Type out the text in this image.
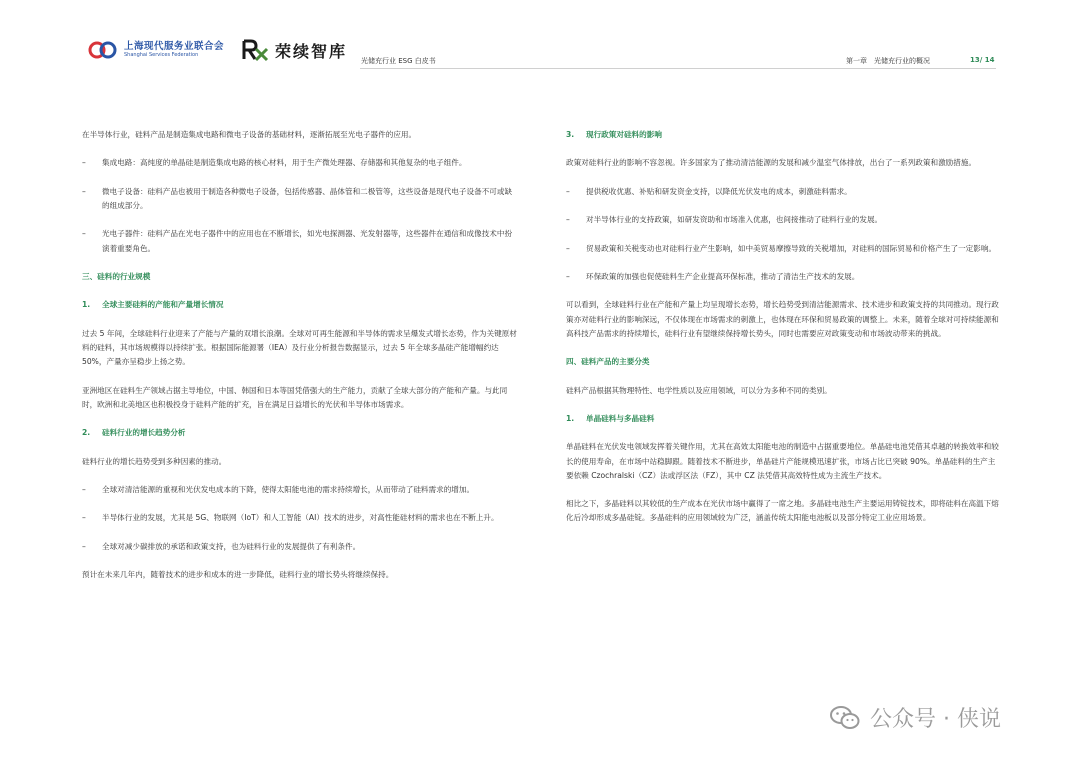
上海现代服务业联合会
Shanghai Services Federation	荣续智库
光储充行业 ESG 白皮书	第一章　光储充行业的概况	13/ 14

在半导体行业，硅料产品是制造集成电路和微电子设备的基础材料，逐渐拓展至光电子器件的应用。

– 集成电路：高纯度的单晶硅是制造集成电路的核心材料，用于生产微处理器、存储器和其他复杂的电子组件。
– 微电子设备：硅料产品也被用于制造各种微电子设备，包括传感器、晶体管和二极管等，这些设备是现代电子设备不可或缺的组成部分。
– 光电子器件：硅料产品在光电子器件中的应用也在不断增长，如光电探测器、光发射器等，这些器件在通信和成像技术中扮演着重要角色。
三、硅料的行业规模
1. 全球主要硅料的产能和产量增长情况

过去 5 年间，全球硅料行业迎来了产能与产量的双增长浪潮。全球对可再生能源和半导体的需求呈爆发式增长态势，作为关键原材料的硅料，其市场规模得以持续扩张。根据国际能源署（IEA）及行业分析报告数据显示，过去 5 年全球多晶硅产能增幅约达 50%，产量亦呈稳步上扬之势。

亚洲地区在硅料生产领域占据主导地位，中国、韩国和日本等国凭借强大的生产能力，贡献了全球大部分的产能和产量。与此同时，欧洲和北美地区也积极投身于硅料产能的扩充，旨在满足日益增长的光伏和半导体市场需求。

2. 硅料行业的增长趋势分析

硅料行业的增长趋势受到多种因素的推动。

– 全球对清洁能源的重视和光伏发电成本的下降，使得太阳能电池的需求持续增长，从而带动了硅料需求的增加。
– 半导体行业的发展，尤其是 5G、物联网（IoT）和人工智能（AI）技术的进步，对高性能硅材料的需求也在不断上升。
– 全球对减少碳排放的承诺和政策支持，也为硅料行业的发展提供了有利条件。

预计在未来几年内，随着技术的进步和成本的进一步降低，硅料行业的增长势头将继续保持。

3. 现行政策对硅料的影响

政策对硅料行业的影响不容忽视。许多国家为了推动清洁能源的发展和减少温室气体排放，出台了一系列政策和激励措施。

– 提供税收优惠、补贴和研发资金支持，以降低光伏发电的成本，刺激硅料需求。
– 对半导体行业的支持政策，如研发资助和市场准入优惠，也间接推动了硅料行业的发展。
– 贸易政策和关税变动也对硅料行业产生影响，如中美贸易摩擦导致的关税增加，对硅料的国际贸易和价格产生了一定影响。
– 环保政策的加强也促使硅料生产企业提高环保标准，推动了清洁生产技术的发展。

可以看到，全球硅料行业在产能和产量上均呈现增长态势，增长趋势受到清洁能源需求、技术进步和政策支持的共同推动。现行政策亦对硅料行业的影响深远，不仅体现在市场需求的刺激上，也体现在环保和贸易政策的调整上。未来，随着全球对可持续能源和高科技产品需求的持续增长，硅料行业有望继续保持增长势头，同时也需要应对政策变动和市场波动带来的挑战。

四、硅料产品的主要分类

硅料产品根据其物理特性、电学性质以及应用领域，可以分为多种不同的类别。

1. 单晶硅料与多晶硅料

单晶硅料在光伏发电领域发挥着关键作用，尤其在高效太阳能电池的制造中占据重要地位。单晶硅电池凭借其卓越的转换效率和较长的使用寿命，在市场中站稳脚跟。随着技术不断进步，单晶硅片产能规模迅速扩张，市场占比已突破 90%。单晶硅料的生产主要依赖 Czochralski（CZ）法或浮区法（FZ），其中 CZ 法凭借其高效特性成为主流生产技术。

相比之下，多晶硅料以其较低的生产成本在光伏市场中赢得了一席之地。多晶硅电池生产主要运用铸锭技术，即将硅料在高温下熔化后冷却形成多晶硅锭。多晶硅料的应用领域较为广泛，涵盖传统太阳能电池板以及部分特定工业应用场景。

公众号 · 侠说
